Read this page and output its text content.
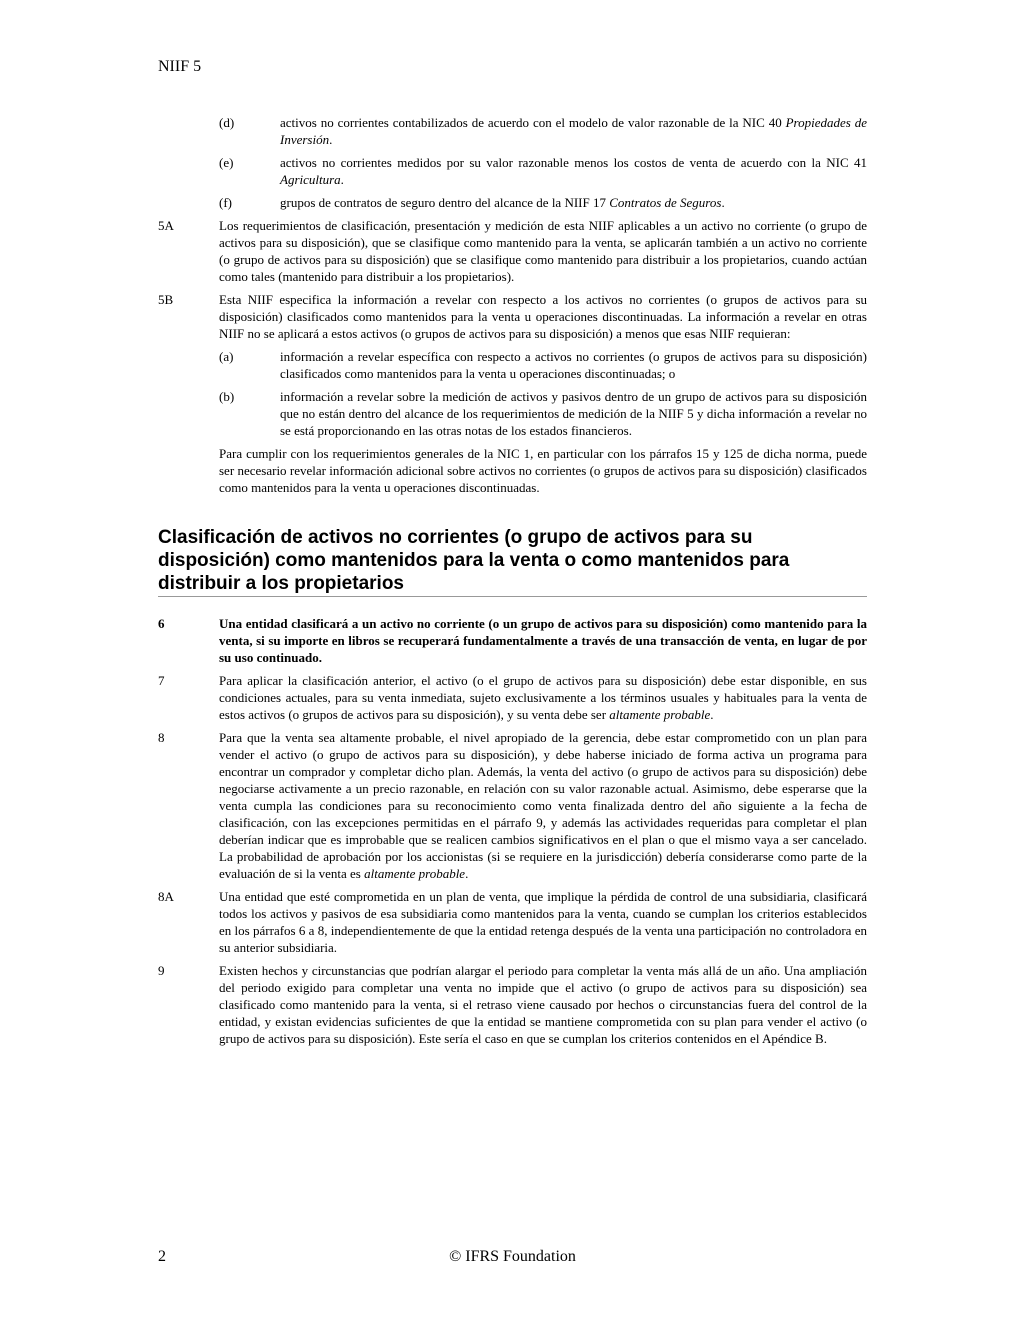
NIIF 5
(d)	activos no corrientes contabilizados de acuerdo con el modelo de valor razonable de la NIC 40 Propiedades de Inversión.
(e)	activos no corrientes medidos por su valor razonable menos los costos de venta de acuerdo con la NIC 41 Agricultura.
(f)	grupos de contratos de seguro dentro del alcance de la NIIF 17 Contratos de Seguros.
5A	Los requerimientos de clasificación, presentación y medición de esta NIIF aplicables a un activo no corriente (o grupo de activos para su disposición), que se clasifique como mantenido para la venta, se aplicarán también a un activo no corriente (o grupo de activos para su disposición) que se clasifique como mantenido para distribuir a los propietarios, cuando actúan como tales (mantenido para distribuir a los propietarios).
5B	Esta NIIF especifica la información a revelar con respecto a los activos no corrientes (o grupos de activos para su disposición) clasificados como mantenidos para la venta u operaciones discontinuadas. La información a revelar en otras NIIF no se aplicará a estos activos (o grupos de activos para su disposición) a menos que esas NIIF requieran:
(a)	información a revelar específica con respecto a activos no corrientes (o grupos de activos para su disposición) clasificados como mantenidos para la venta u operaciones discontinuadas; o
(b)	información a revelar sobre la medición de activos y pasivos dentro de un grupo de activos para su disposición que no están dentro del alcance de los requerimientos de medición de la NIIF 5 y dicha información a revelar no se está proporcionando en las otras notas de los estados financieros.
Para cumplir con los requerimientos generales de la NIC 1, en particular con los párrafos 15 y 125 de dicha norma, puede ser necesario revelar información adicional sobre activos no corrientes (o grupos de activos para su disposición) clasificados como mantenidos para la venta u operaciones discontinuadas.
Clasificación de activos no corrientes (o grupo de activos para su disposición) como mantenidos para la venta o como mantenidos para distribuir a los propietarios
6	Una entidad clasificará a un activo no corriente (o un grupo de activos para su disposición) como mantenido para la venta, si su importe en libros se recuperará fundamentalmente a través de una transacción de venta, en lugar de por su uso continuado.
7	Para aplicar la clasificación anterior, el activo (o el grupo de activos para su disposición) debe estar disponible, en sus condiciones actuales, para su venta inmediata, sujeto exclusivamente a los términos usuales y habituales para la venta de estos activos (o grupos de activos para su disposición), y su venta debe ser altamente probable.
8	Para que la venta sea altamente probable, el nivel apropiado de la gerencia, debe estar comprometido con un plan para vender el activo (o grupo de activos para su disposición), y debe haberse iniciado de forma activa un programa para encontrar un comprador y completar dicho plan. Además, la venta del activo (o grupo de activos para su disposición) debe negociarse activamente a un precio razonable, en relación con su valor razonable actual. Asimismo, debe esperarse que la venta cumpla las condiciones para su reconocimiento como venta finalizada dentro del año siguiente a la fecha de clasificación, con las excepciones permitidas en el párrafo 9, y además las actividades requeridas para completar el plan deberían indicar que es improbable que se realicen cambios significativos en el plan o que el mismo vaya a ser cancelado. La probabilidad de aprobación por los accionistas (si se requiere en la jurisdicción) debería considerarse como parte de la evaluación de si la venta es altamente probable.
8A	Una entidad que esté comprometida en un plan de venta, que implique la pérdida de control de una subsidiaria, clasificará todos los activos y pasivos de esa subsidiaria como mantenidos para la venta, cuando se cumplan los criterios establecidos en los párrafos 6 a 8, independientemente de que la entidad retenga después de la venta una participación no controladora en su anterior subsidiaria.
9	Existen hechos y circunstancias que podrían alargar el periodo para completar la venta más allá de un año. Una ampliación del periodo exigido para completar una venta no impide que el activo (o grupo de activos para su disposición) sea clasificado como mantenido para la venta, si el retraso viene causado por hechos o circunstancias fuera del control de la entidad, y existan evidencias suficientes de que la entidad se mantiene comprometida con su plan para vender el activo (o grupo de activos para su disposición). Este sería el caso en que se cumplan los criterios contenidos en el Apéndice B.
2	© IFRS Foundation
